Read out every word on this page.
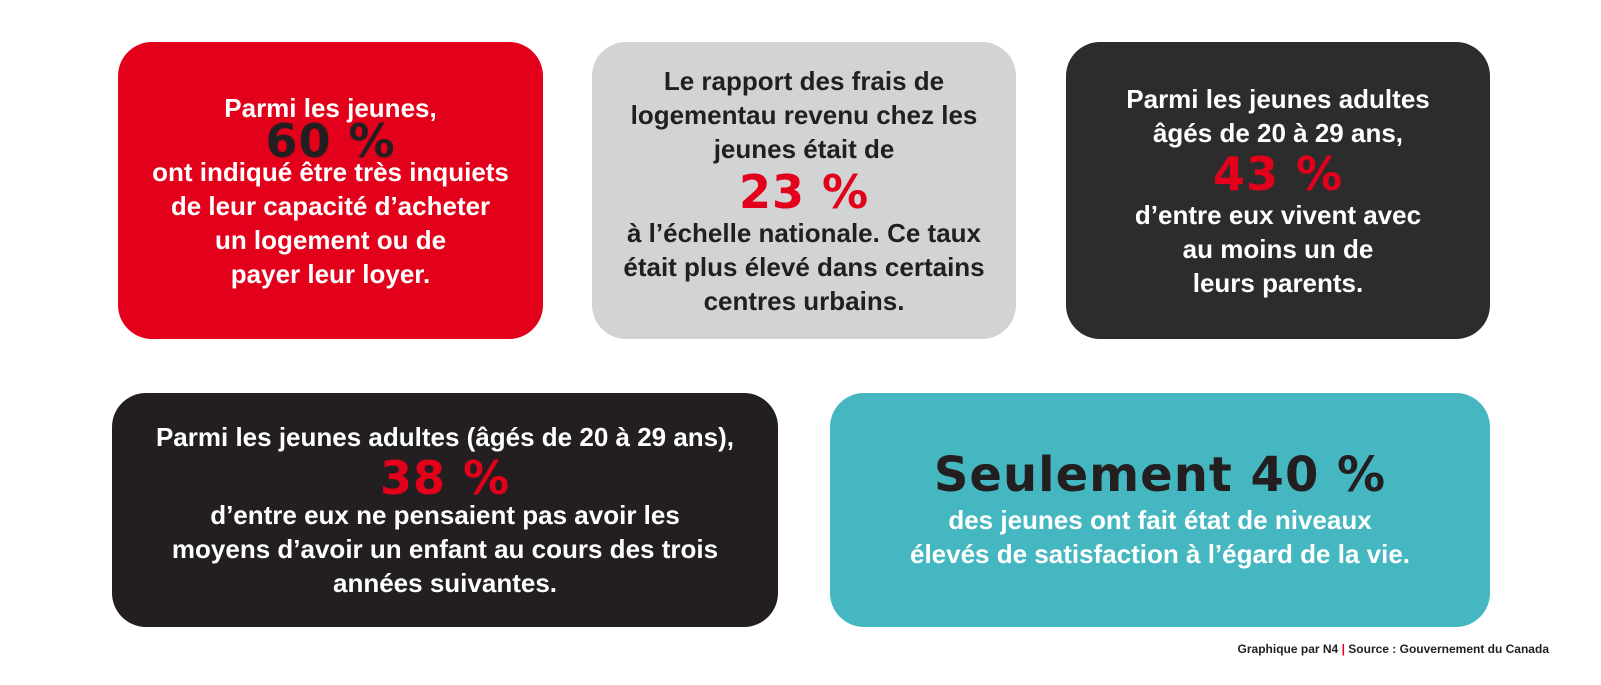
Parmi les jeunes,

60 %

ont indiqué être très inquiets

de leur capacité d’acheter

un logement ou de

payer leur loyer.

Le rapport des frais de

logementau revenu chez les

jeunes était de

23 %

à l’échelle nationale. Ce taux

était plus élevé dans certains

centres urbains.

Parmi les jeunes adultes

âgés de 20 à 29 ans,

43 %

d’entre eux vivent avec

au moins un de

leurs parents.

Parmi les jeunes adultes (âgés de 20 à 29 ans),

38 %

d’entre eux ne pensaient pas avoir les

moyens d’avoir un enfant au cours des trois

années suivantes.

Seulement 40 %

des jeunes ont fait état de niveaux

élevés de satisfaction à l’égard de la vie.

Graphique par N4 | Source : Gouvernement du Canada
